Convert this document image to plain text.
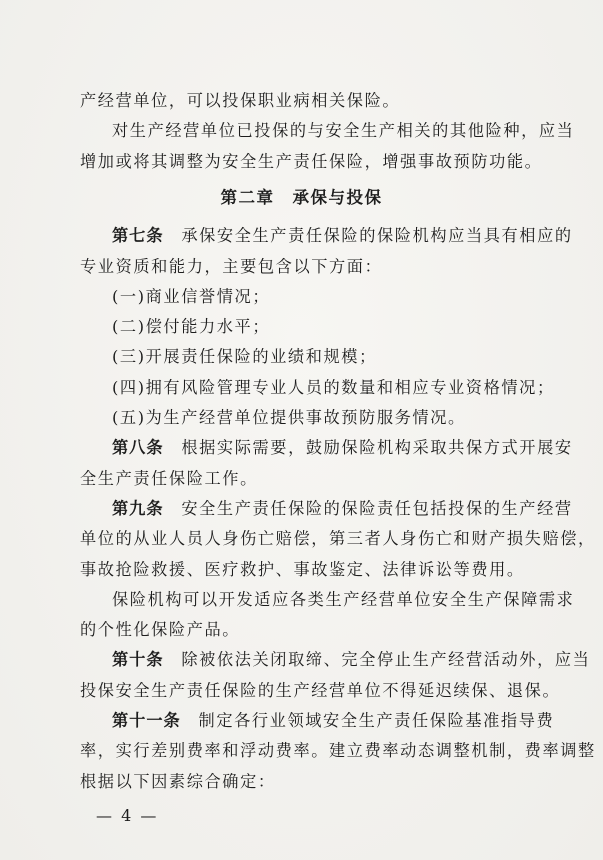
产经营单位，可以投保职业病相关保险。
对生产经营单位已投保的与安全生产相关的其他险种，应当
增加或将其调整为安全生产责任保险，增强事故预防功能。
第二章　承保与投保
第七条　承保安全生产责任保险的保险机构应当具有相应的
专业资质和能力，主要包含以下方面：
(一)商业信誉情况；
(二)偿付能力水平；
(三)开展责任保险的业绩和规模；
(四)拥有风险管理专业人员的数量和相应专业资格情况；
(五)为生产经营单位提供事故预防服务情况。
第八条　根据实际需要，鼓励保险机构采取共保方式开展安
全生产责任保险工作。
第九条　安全生产责任保险的保险责任包括投保的生产经营
单位的从业人员人身伤亡赔偿，第三者人身伤亡和财产损失赔偿，
事故抢险救援、医疗救护、事故鉴定、法律诉讼等费用。
保险机构可以开发适应各类生产经营单位安全生产保障需求
的个性化保险产品。
第十条　除被依法关闭取缔、完全停止生产经营活动外，应当
投保安全生产责任保险的生产经营单位不得延迟续保、退保。
第十一条　制定各行业领域安全生产责任保险基准指导费
率，实行差别费率和浮动费率。建立费率动态调整机制，费率调整
根据以下因素综合确定：
— 4 —
